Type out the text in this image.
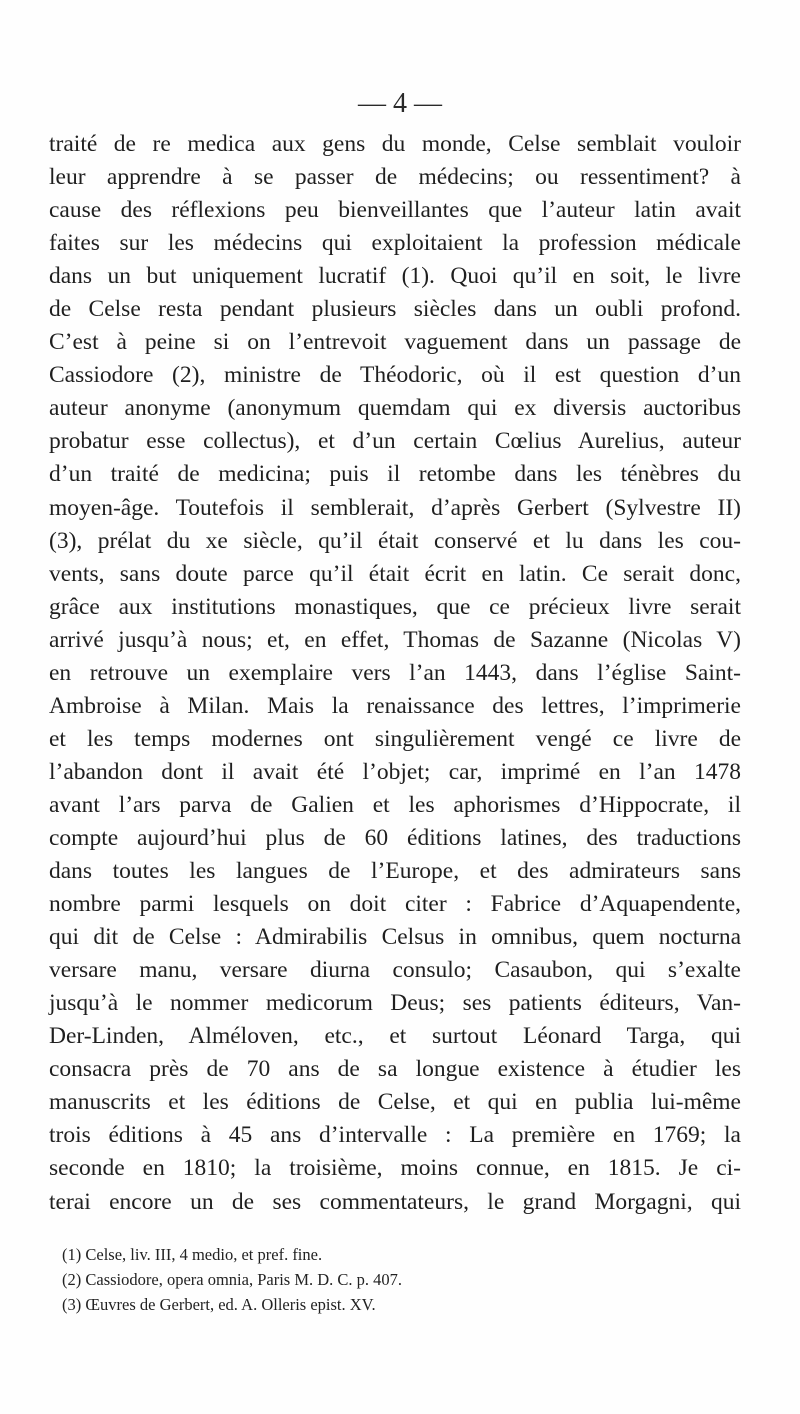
— 4 —
traité de re medica aux gens du monde, Celse semblait vouloir
leur apprendre à se passer de médecins; ou ressentiment? à
cause des réflexions peu bienveillantes que l’auteur latin avait
faites sur les médecins qui exploitaient la profession médicale
dans un but uniquement lucratif (1). Quoi qu’il en soit, le livre
de Celse resta pendant plusieurs siècles dans un oubli profond.
C’est à peine si on l’entrevoit vaguement dans un passage de
Cassiodore (2), ministre de Théodoric, où il est question d’un
auteur anonyme (anonymum quemdam qui ex diversis auctoribus
probatur esse collectus), et d’un certain Cœlius Aurelius, auteur
d’un traité de medicina; puis il retombe dans les ténèbres du
moyen-âge. Toutefois il semblerait, d’après Gerbert (Sylvestre II)
(3), prélat du xe siècle, qu’il était conservé et lu dans les cou-
vents, sans doute parce qu’il était écrit en latin. Ce serait donc,
grâce aux institutions monastiques, que ce précieux livre serait
arrivé jusqu’à nous; et, en effet, Thomas de Sazanne (Nicolas V)
en retrouve un exemplaire vers l’an 1443, dans l’église Saint-
Ambroise à Milan. Mais la renaissance des lettres, l’imprimerie
et les temps modernes ont singulièrement vengé ce livre de
l’abandon dont il avait été l’objet; car, imprimé en l’an 1478
avant l’ars parva de Galien et les aphorismes d’Hippocrate, il
compte aujourd’hui plus de 60 éditions latines, des traductions
dans toutes les langues de l’Europe, et des admirateurs sans
nombre parmi lesquels on doit citer : Fabrice d’Aquapendente,
qui dit de Celse : Admirabilis Celsus in omnibus, quem nocturna
versare manu, versare diurna consulo; Casaubon, qui s’exalte
jusqu’à le nommer medicorum Deus; ses patients éditeurs, Van-
Der-Linden, Alméloven, etc., et surtout Léonard Targa, qui
consacra près de 70 ans de sa longue existence à étudier les
manuscrits et les éditions de Celse, et qui en publia lui-même
trois éditions à 45 ans d’intervalle : La première en 1769; la
seconde en 1810; la troisième, moins connue, en 1815. Je ci-
terai encore un de ses commentateurs, le grand Morgagni, qui
(1) Celse, liv. III, 4 medio, et pref. fine.
(2) Cassiodore, opera omnia, Paris M. D. C. p. 407.
(3) Œuvres de Gerbert, ed. A. Olleris epist. XV.
